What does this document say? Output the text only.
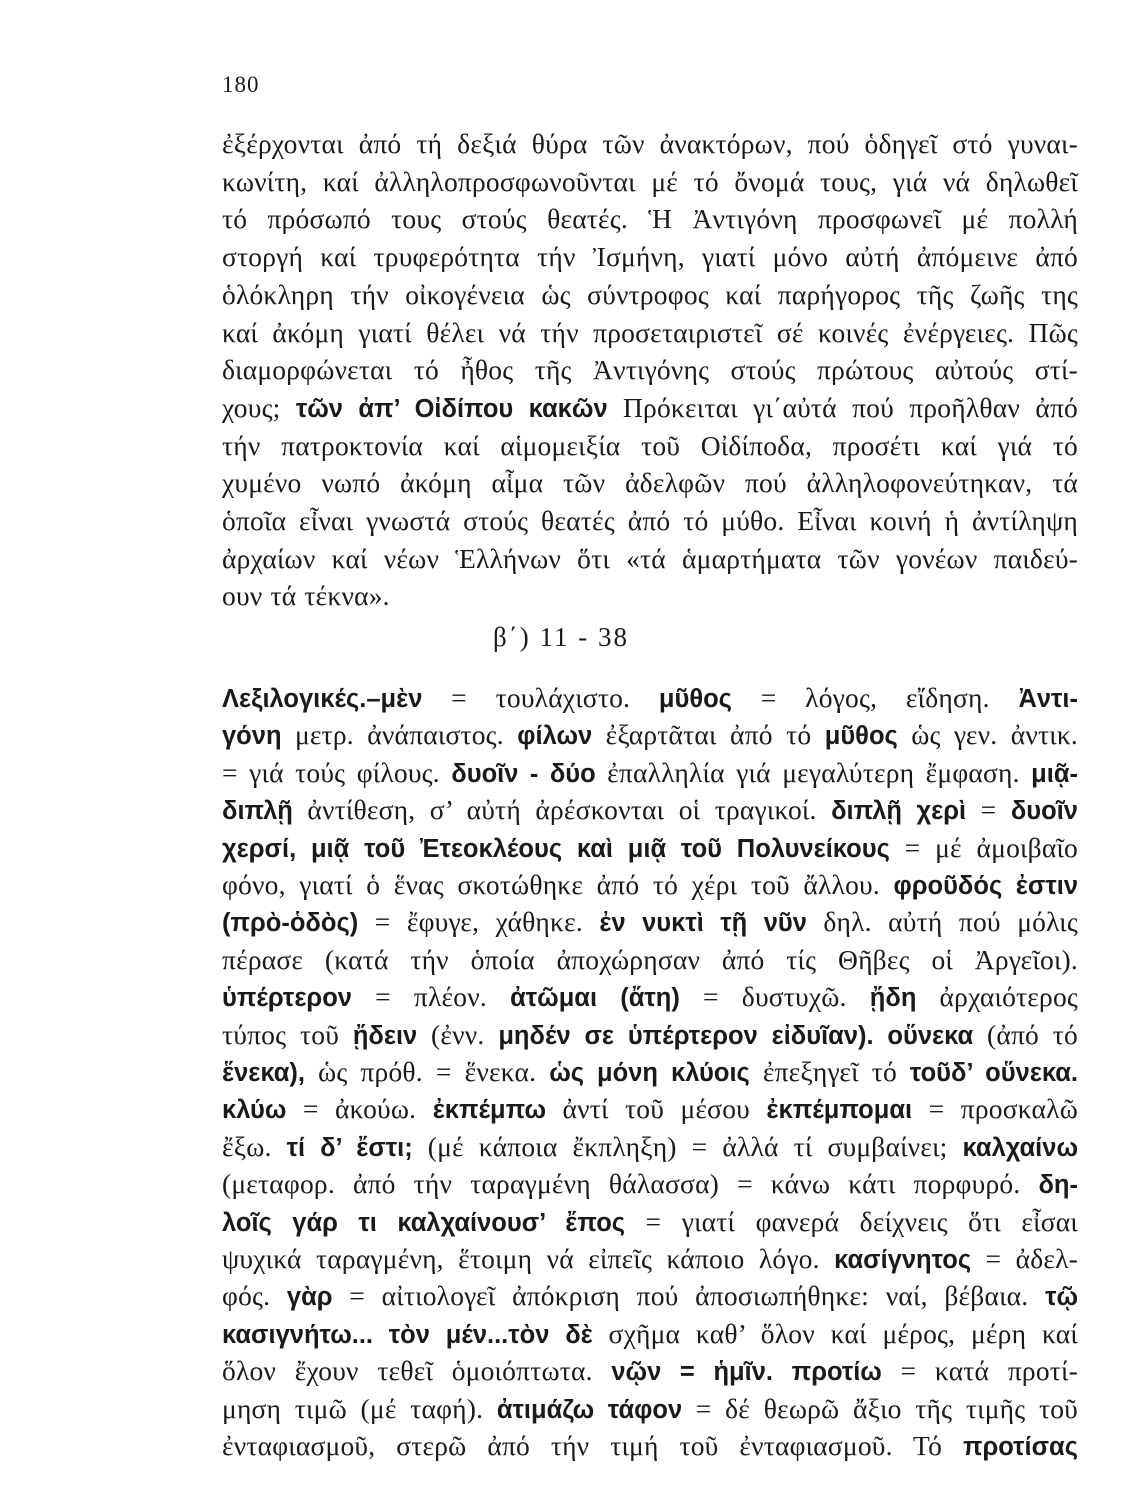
180
ἐξέρχονται ἀπό τή δεξιά θύρα τῶν ἀνακτόρων, πού ὁδηγεῖ στό γυναι-
κωνίτη, καί ἀλληλοπροσφωνοῦνται μέ τό ὄνομά τους, γιά νά δηλωθεῖ
τό πρόσωπό τους στούς θεατές. Ἡ Ἀντιγόνη προσφωνεῖ μέ πολλή
στοργή καί τρυφερότητα τήν Ἰσμήνη, γιατί μόνο αὐτή ἀπόμεινε ἀπό
ὁλόκληρη τήν οἰκογένεια ὡς σύντροφος καί παρήγορος τῆς ζωῆς της
καί ἀκόμη γιατί θέλει νά τήν προσεταιριστεῖ σέ κοινές ἐνέργειες. Πῶς
διαμορφώνεται τό ἦθος τῆς Ἀντιγόνης στούς πρώτους αὐτούς στί-
χους; τῶν ἀπ’ Οἰδίπου κακῶν Πρόκειται γι΄αὐτά πού προῆλθαν ἀπό
τήν πατροκτονία καί αἱμομειξία τοῦ Οἰδίποδα, προσέτι καί γιά τό
χυμένο νωπό ἀκόμη αἷμα τῶν ἀδελφῶν πού ἀλληλοφονεύτηκαν, τά
ὁποῖα εἶναι γνωστά στούς θεατές ἀπό τό μύθο. Εἶναι κοινή ἡ ἀντίληψη
ἀρχαίων καί νέων Ἑλλήνων ὅτι «τά ἁμαρτήματα τῶν γονέων παιδεύ-
ουν τά τέκνα».
β΄) 11 - 38
Λεξιλογικές.–μὲν = τουλάχιστο. μῦθος = λόγος, εἴδηση. Ἀντι-
γόνη μετρ. ἀνάπαιστος. φίλων ἐξαρτᾶται ἀπό τό μῦθος ὡς γεν. ἀντικ.
= γιά τούς φίλους. δυοῖν - δύο ἐπαλληλία γιά μεγαλύτερη ἔμφαση. μιᾷ-
διπλῇ ἀντίθεση, σ’ αὐτή ἀρέσκονται οἱ τραγικοί. διπλῇ χερὶ = δυοῖν
χερσί, μιᾷ τοῦ Ἐτεοκλέους καὶ μιᾷ τοῦ Πολυνείκους = μέ ἀμοιβαῖο
φόνο, γιατί ὁ ἕνας σκοτώθηκε ἀπό τό χέρι τοῦ ἄλλου. φροῦδός ἐστιν
(πρὸ-ὁδὸς) = ἔφυγε, χάθηκε. ἐν νυκτὶ τῇ νῦν δηλ. αὐτή πού μόλις
πέρασε (κατά τήν ὁποία ἀποχώρησαν ἀπό τίς Θῆβες οἱ Ἀργεῖοι).
ὑπέρτερον = πλέον. ἀτῶμαι (ἄτη) = δυστυχῶ. ᾔδη ἀρχαιότερος
τύπος τοῦ ᾔδειν (ἐνν. μηδέν σε ὑπέρτερον εἰδυῖαν). οὕνεκα (ἀπό τό
ἕνεκα), ὡς πρόθ. = ἕνεκα. ὡς μόνη κλύοις ἐπεξηγεῖ τό τοῦδ’ οὕνεκα.
κλύω = ἀκούω. ἐκπέμπω ἀντί τοῦ μέσου ἐκπέμπομαι = προσκαλῶ
ἔξω. τί δ’ ἔστι; (μέ κάποια ἔκπληξη) = ἀλλά τί συμβαίνει; καλχαίνω
(μεταφορ. ἀπό τήν ταραγμένη θάλασσα) = κάνω κάτι πορφυρό. δη-
λοῖς γάρ τι καλχαίνουσ’ ἔπος = γιατί φανερά δείχνεις ὅτι εἶσαι
ψυχικά ταραγμένη, ἕτοιμη νά εἰπεῖς κάποιο λόγο. κασίγνητος = ἀδελ-
φός. γὰρ = αἰτιολογεῖ ἀπόκριση πού ἀποσιωπήθηκε: ναί, βέβαια. τῷ
κασιγνήτω... τὸν μέν...τὸν δὲ σχῆμα καθ’ ὅλον καί μέρος, μέρη καί
ὅλον ἔχουν τεθεῖ ὁμοιόπτωτα. νῷν = ἡμῖν. προτίω = κατά προτί-
μηση τιμῶ (μέ ταφή). ἀτιμάζω τάφον = δέ θεωρῶ ἄξιο τῆς τιμῆς τοῦ
ἐνταφιασμοῦ, στερῶ ἀπό τήν τιμή τοῦ ἐνταφιασμοῦ. Τό προτίσας
